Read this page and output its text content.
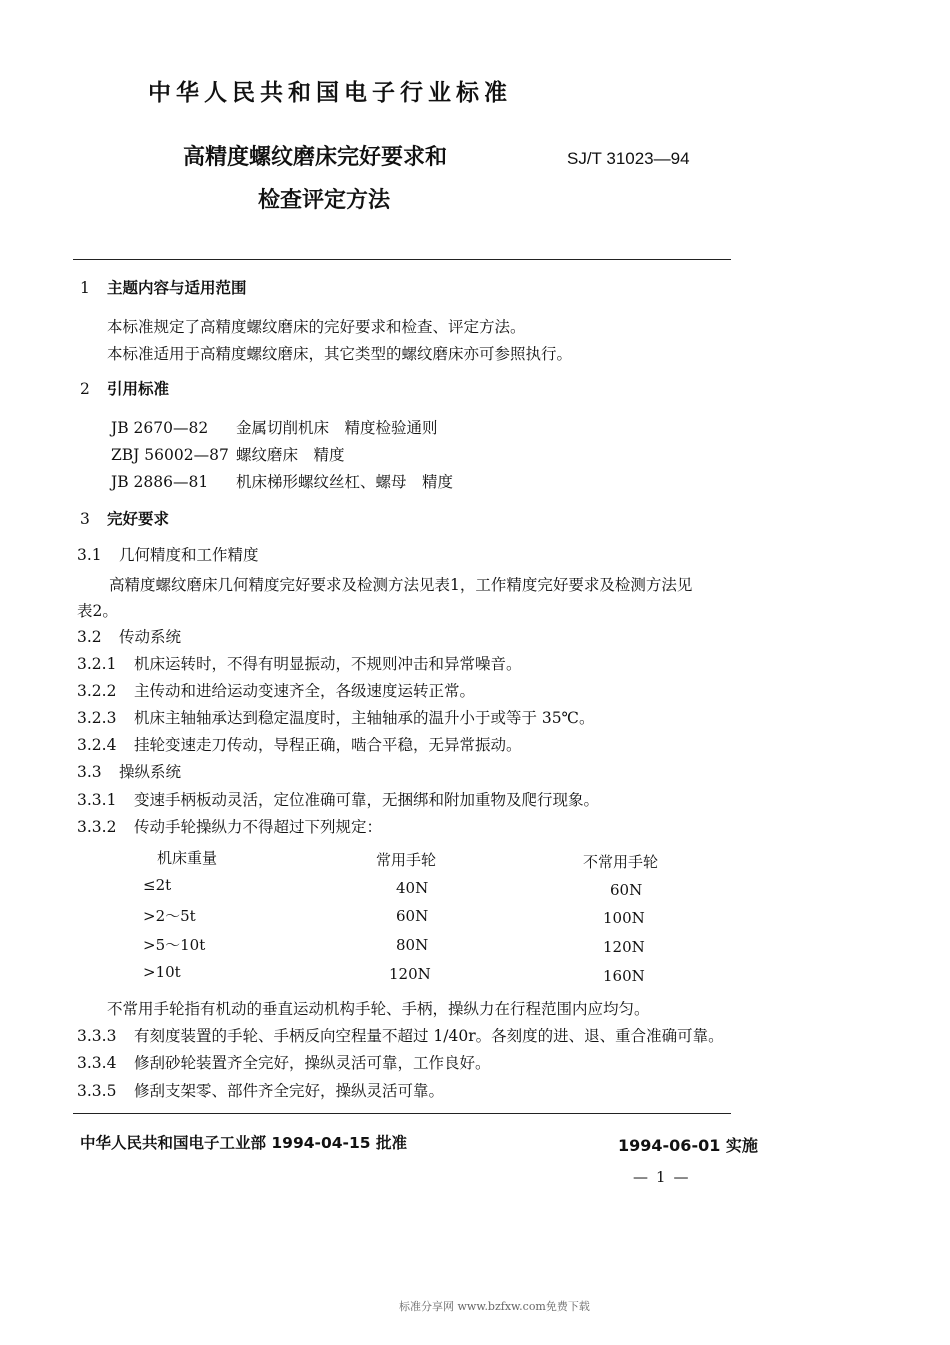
中华人民共和国电子行业标准
高精度螺纹磨床完好要求和
检查评定方法
SJ/T 31023—94
1 主题内容与适用范围
本标准规定了高精度螺纹磨床的完好要求和检查、评定方法。
本标准适用于高精度螺纹磨床，其它类型的螺纹磨床亦可参照执行。
2 引用标准
JB 2670—82 金属切削机床　精度检验通则
ZBJ 56002—87 螺纹磨床　精度
JB 2886—81 机床梯形螺纹丝杠、螺母　精度
3 完好要求
3.1 几何精度和工作精度
高精度螺纹磨床几何精度完好要求及检测方法见表1，工作精度完好要求及检测方法见
表2。
3.2 传动系统
3.2.1 机床运转时，不得有明显振动，不规则冲击和异常噪音。
3.2.2 主传动和进给运动变速齐全，各级速度运转正常。
3.2.3 机床主轴轴承达到稳定温度时，主轴轴承的温升小于或等于 35℃。
3.2.4 挂轮变速走刀传动，导程正确，啮合平稳，无异常振动。
3.3 操纵系统
3.3.1 变速手柄板动灵活，定位准确可靠，无捆绑和附加重物及爬行现象。
3.3.2 传动手轮操纵力不得超过下列规定：
机床重量	常用手轮	不常用手轮
≤2t	40N	60N
>2～5t	60N	100N
>5～10t	80N	120N
>10t	120N	160N
不常用手轮指有机动的垂直运动机构手轮、手柄，操纵力在行程范围内应均匀。
3.3.3 有刻度装置的手轮、手柄反向空程量不超过 1/40r。各刻度的进、退、重合准确可靠。
3.3.4 修刮砂轮装置齐全完好，操纵灵活可靠，工作良好。
3.3.5 修刮支架零、部件齐全完好，操纵灵活可靠。
中华人民共和国电子工业部 1994-04-15 批准	1994-06-01 实施
—1—
标准分享网 www.bzfxw.com免费下载
